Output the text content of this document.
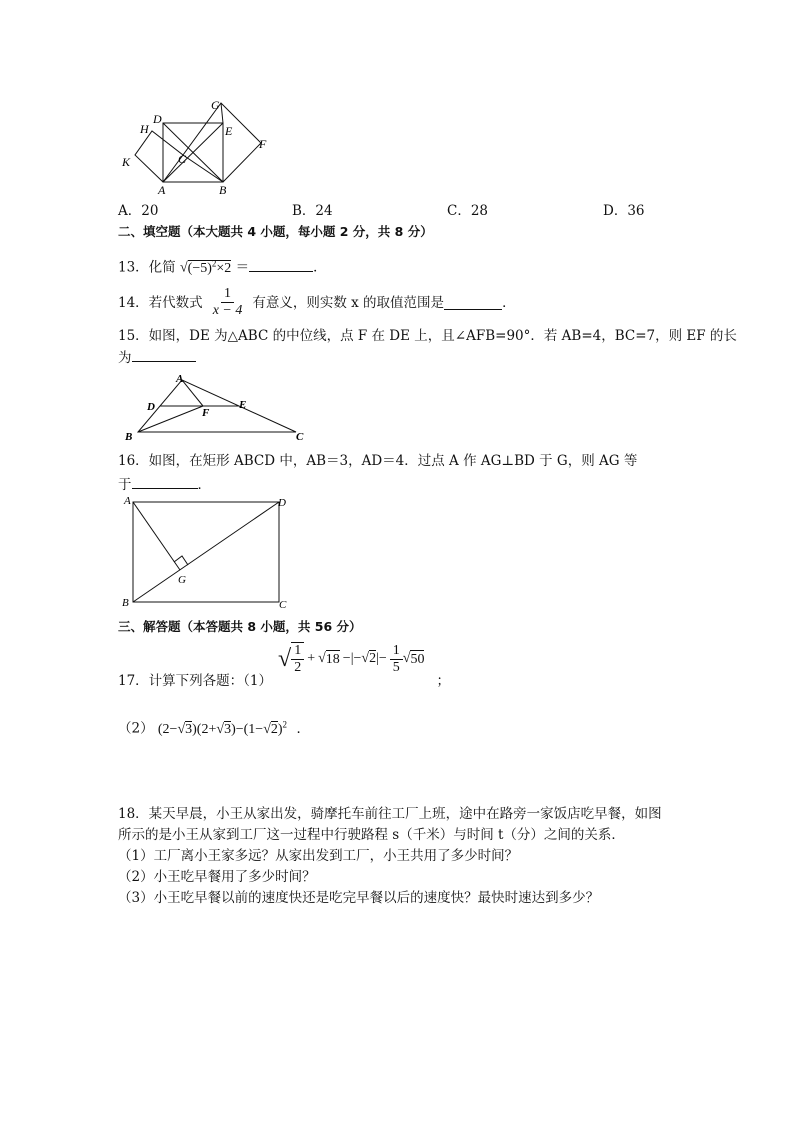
G
D
H	E
F
C
K
A	B
A．20	B．24	C．28	D．36
二、填空题（本大题共 4 小题，每小题 2 分，共 8 分）
13．化简 $√(-5)^2\times 2$ ＝	．
14．若代数式 $\frac{1}{x - 4}$ 有意义，则实数 x 的取值范围是	．
15．如图，DE 为△ABC 的中位线，点 F 在 DE 上，且∠AFB=90°．若 AB=4，BC=7，则 EF 的长
为
A
D	F
E
B	C
16．如图，在矩形 ABCD 中，AB＝3，AD＝4．过点 A 作 AG⊥BD 于 G，则 AG 等
于	．
A	D
G
B	C
三、解答题（本答题共 8 小题，共 56 分）
17．计算下列各题：（1）
√ $\frac{1}{2}$ + √ $18 -|-√2|- \frac{1}{5}$ √ 50
；
（2） $(2-√3)(2+√3)-(1-√2)^2$ ．
18．某天早晨，小王从家出发，骑摩托车前往工厂上班，途中在路旁一家饭店吃早餐，如图
所示的是小王从家到工厂这一过程中行驶路程 s（千米）与时间 t（分）之间的关系．
（1）工厂离小王家多远？从家出发到工厂，小王共用了多少时间？
（2）小王吃早餐用了多少时间？
（3）小王吃早餐以前的速度快还是吃完早餐以后的速度快？最快时速达到多少？
